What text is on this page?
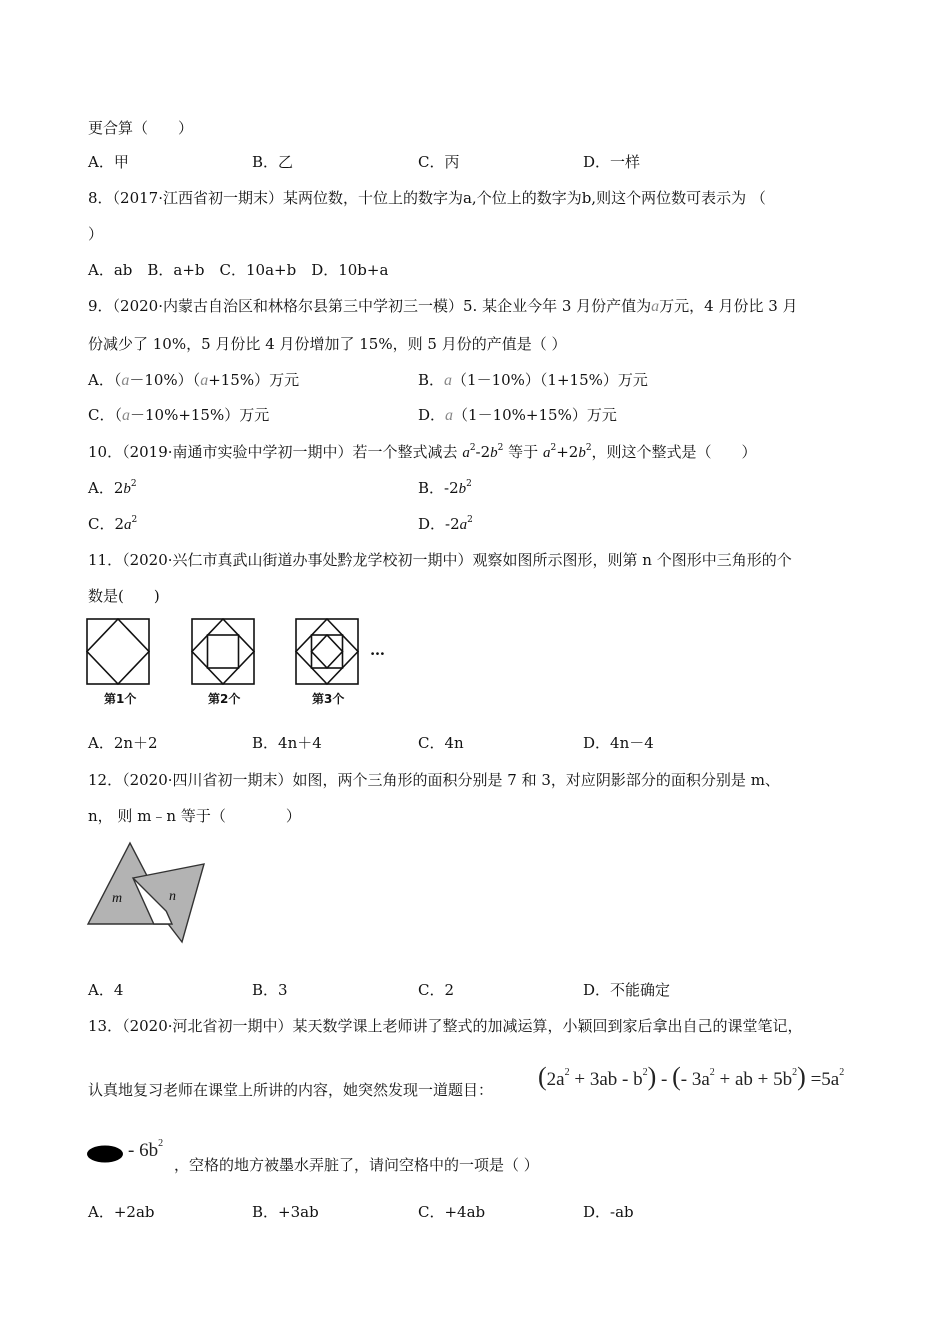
更合算（　　）
A．甲	B．乙	C．丙	D．一样
8．（2017·江西省初一期末）某两位数，十位上的数字为a,个位上的数字为b,则这个两位数可表示为 （
）
A．ab　B．a+b　C．10a+b　D．10b+a
9．（2020·内蒙古自治区和林格尔县第三中学初三一模）5. 某企业今年 3 月份产值为a万元，4 月份比 3 月
份减少了 10%，5 月份比 4 月份增加了 15%，则 5 月份的产值是（ ）
A．（a－10%）（a+15%）万元	B．a（1－10%）（1+15%）万元
C．（a－10%+15%）万元	D．a（1－10%+15%）万元
10．（2019·南通市实验中学初一期中）若一个整式减去 $a^2-2b^2$ 等于 $a^2+2b^2$，则这个整式是（　　）
A．$2b^2$	B．$-2b^2$
C．$2a^2$	D．$-2a^2$
11．（2020·兴仁市真武山街道办事处黔龙学校初一期中）观察如图所示图形，则第 n 个图形中三角形的个
数是(　　)
…
第1个	第2个	第3个
A．2n＋2	B．4n＋4	C．4n	D．4n－4
12．（2020·四川省初一期末）如图，两个三角形的面积分别是 7 和 3，对应阴影部分的面积分别是 m、
n， 则 m﹣n 等于（　　　　）
m	n
A．4	B．3	C．2	D．不能确定
13．（2020·河北省初一期中）某天数学课上老师讲了整式的加减运算，小颖回到家后拿出自己的课堂笔记，
认真地复习老师在课堂上所讲的内容，她突然发现一道题目： $(2a^2 + 3ab - b^2)$ - (- $3a^2$ + ab + $5b^2) =5a^2$
- $6b^2$
，空格的地方被墨水弄脏了，请问空格中的一项是（ ）
A．+2ab	B．+3ab	C．+4ab	D．-ab
